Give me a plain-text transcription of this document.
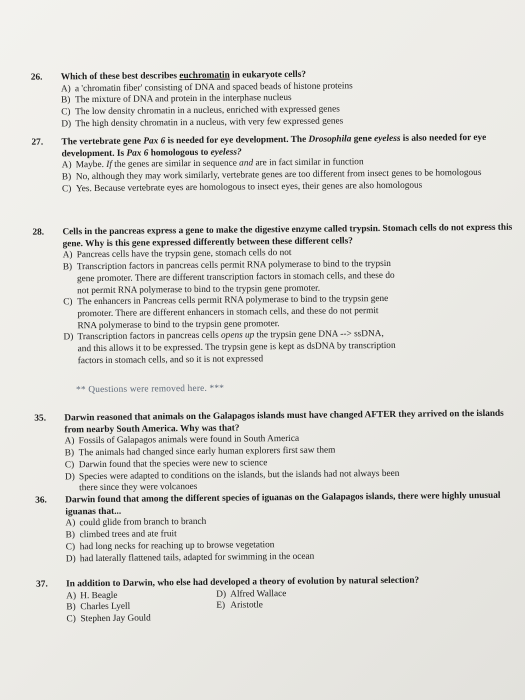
26. Which of these best describes euchromatin in eukaryote cells?
A) a 'chromatin fiber' consisting of DNA and spaced beads of histone proteins
B) The mixture of DNA and protein in the interphase nucleus
C) The low density chromatin in a nucleus, enriched with expressed genes
D) The high density chromatin in a nucleus, with very few expressed genes
27. The vertebrate gene Pax 6 is needed for eye development. The Drosophila gene eyeless is also needed for eye development. Is Pax 6 homologous to eyeless?
A) Maybe. If the genes are similar in sequence and are in fact similar in function
B) No, although they may work similarly, vertebrate genes are too different from insect genes to be homologous
C) Yes. Because vertebrate eyes are homologous to insect eyes, their genes are also homologous
28. Cells in the pancreas express a gene to make the digestive enzyme called trypsin. Stomach cells do not express this gene. Why is this gene expressed differently between these different cells?
A) Pancreas cells have the trypsin gene, stomach cells do not
B) Transcription factors in pancreas cells permit RNA polymerase to bind to the trypsin gene promoter. There are different transcription factors in stomach cells, and these do not permit RNA polymerase to bind to the trypsin gene promoter.
C) The enhancers in Pancreas cells permit RNA polymerase to bind to the trypsin gene promoter. There are different enhancers in stomach cells, and these do not permit RNA polymerase to bind to the trypsin gene promoter.
D) Transcription factors in pancreas cells opens up the trypsin gene DNA --> ssDNA, and this allows it to be expressed. The trypsin gene is kept as dsDNA by transcription factors in stomach cells, and so it is not expressed
** Questions were removed here. ***
35. Darwin reasoned that animals on the Galapagos islands must have changed AFTER they arrived on the islands from nearby South America. Why was that?
A) Fossils of Galapagos animals were found in South America
B) The animals had changed since early human explorers first saw them
C) Darwin found that the species were new to science
D) Species were adapted to conditions on the islands, but the islands had not always been there since they were volcanoes
36. Darwin found that among the different species of iguanas on the Galapagos islands, there were highly unusual iguanas that...
A) could glide from branch to branch
B) climbed trees and ate fruit
C) had long necks for reaching up to browse vegetation
D) had laterally flattened tails, adapted for swimming in the ocean
37. In addition to Darwin, who else had developed a theory of evolution by natural selection?
A) H. Beagle	D) Alfred Wallace
B) Charles Lyell	E) Aristotle
C) Stephen Jay Gould
